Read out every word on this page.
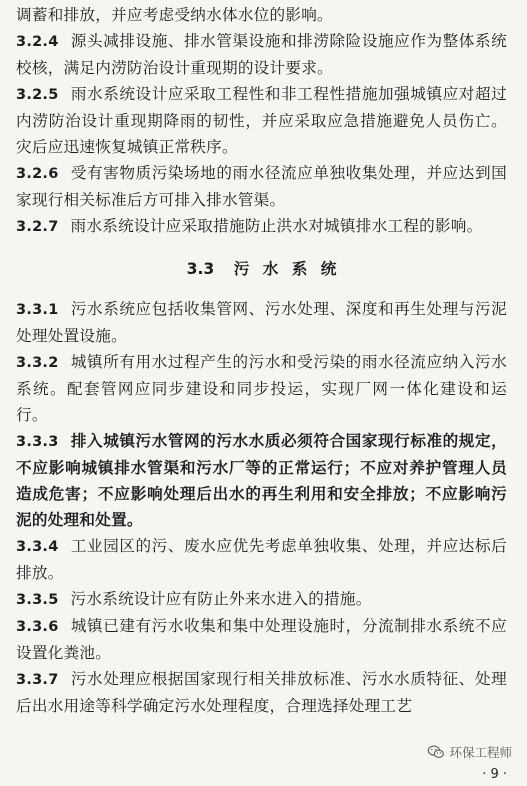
调蓄和排放，并应考虑受纳水体水位的影响。

3.2.4 源头减排设施、排水管渠设施和排涝除险设施应作为整体系统校核，满足内涝防治设计重现期的设计要求。

3.2.5 雨水系统设计应采取工程性和非工程性措施加强城镇应对超过内涝防治设计重现期降雨的韧性，并应采取应急措施避免人员伤亡。灾后应迅速恢复城镇正常秩序。

3.2.6 受有害物质污染场地的雨水径流应单独收集处理，并应达到国家现行相关标准后方可排入排水管渠。

3.2.7 雨水系统设计应采取措施防止洪水对城镇排水工程的影响。

3.3 污 水 系 统

3.3.1 污水系统应包括收集管网、污水处理、深度和再生处理与污泥处理处置设施。

3.3.2 城镇所有用水过程产生的污水和受污染的雨水径流应纳入污水系统。配套管网应同步建设和同步投运，实现厂网一体化建设和运行。

3.3.3 排入城镇污水管网的污水水质必须符合国家现行标准的规定，不应影响城镇排水管渠和污水厂等的正常运行；不应对养护管理人员造成危害；不应影响处理后出水的再生利用和安全排放；不应影响污泥的处理和处置。

3.3.4 工业园区的污、废水应优先考虑单独收集、处理，并应达标后排放。

3.3.5 污水系统设计应有防止外来水进入的措施。

3.3.6 城镇已建有污水收集和集中处理设施时，分流制排水系统不应设置化粪池。

3.3.7 污水处理应根据国家现行相关排放标准、污水水质特征、处理后出水用途等科学确定污水处理程度，合理选择处理工艺

环保工程师
· 9 ·
